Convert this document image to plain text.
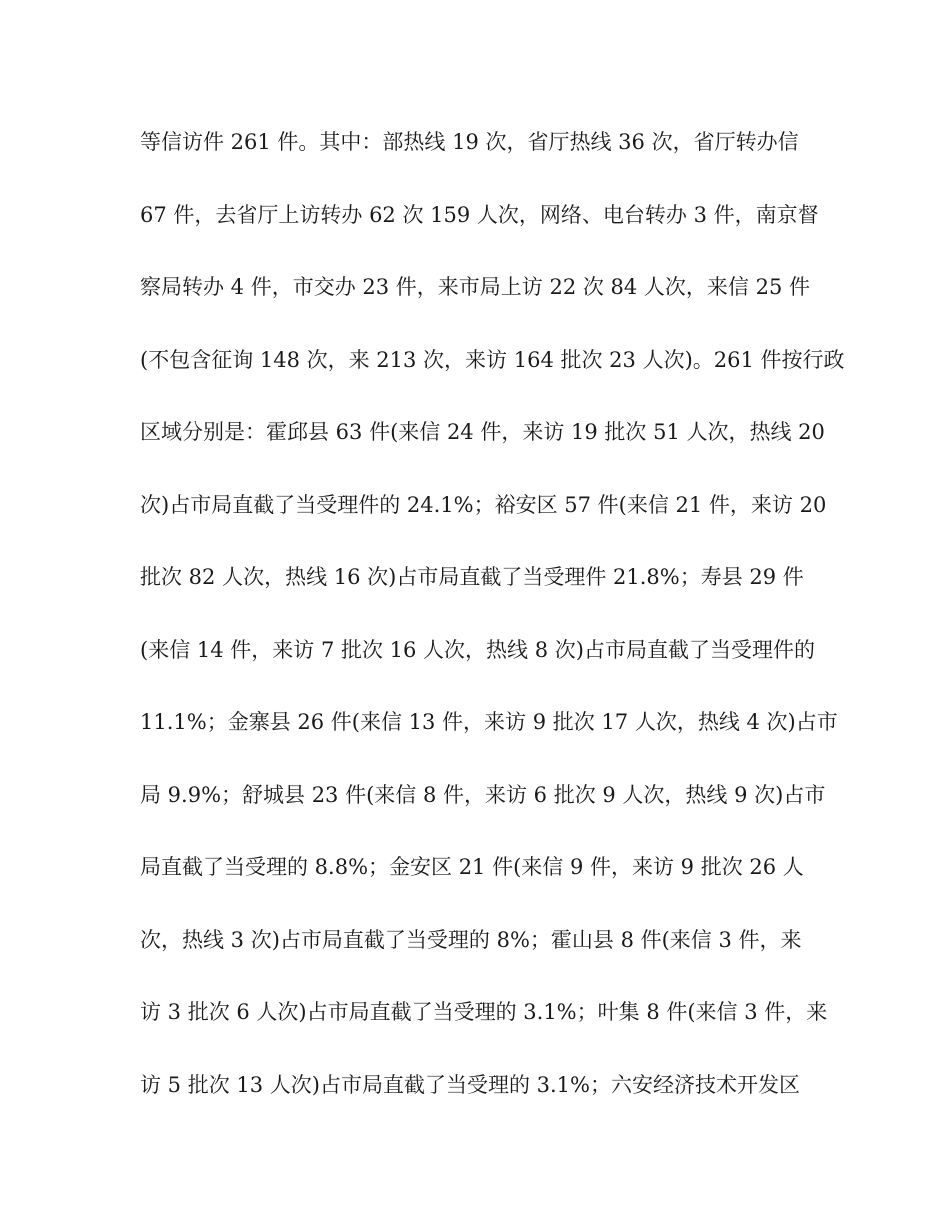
等信访件 261 件。其中：部热线 19 次，省厅热线 36 次，省厅转办信
67 件，去省厅上访转办 62 次 159 人次，网络、电台转办 3 件，南京督
察局转办 4 件，市交办 23 件，来市局上访 22 次 84 人次，来信 25 件
(不包含征询 148 次，来 213 次，来访 164 批次 23 人次)。261 件按行政
区域分别是：霍邱县 63 件(来信 24 件，来访 19 批次 51 人次，热线 20
次)占市局直截了当受理件的 24.1%；裕安区 57 件(来信 21 件，来访 20
批次 82 人次，热线 16 次)占市局直截了当受理件 21.8%；寿县 29 件
(来信 14 件，来访 7 批次 16 人次，热线 8 次)占市局直截了当受理件的
11.1%；金寨县 26 件(来信 13 件，来访 9 批次 17 人次，热线 4 次)占市
局 9.9%；舒城县 23 件(来信 8 件，来访 6 批次 9 人次，热线 9 次)占市
局直截了当受理的 8.8%；金安区 21 件(来信 9 件，来访 9 批次 26 人
次，热线 3 次)占市局直截了当受理的 8%；霍山县 8 件(来信 3 件，来
访 3 批次 6 人次)占市局直截了当受理的 3.1%；叶集 8 件(来信 3 件，来
访 5 批次 13 人次)占市局直截了当受理的 3.1%；六安经济技术开发区
